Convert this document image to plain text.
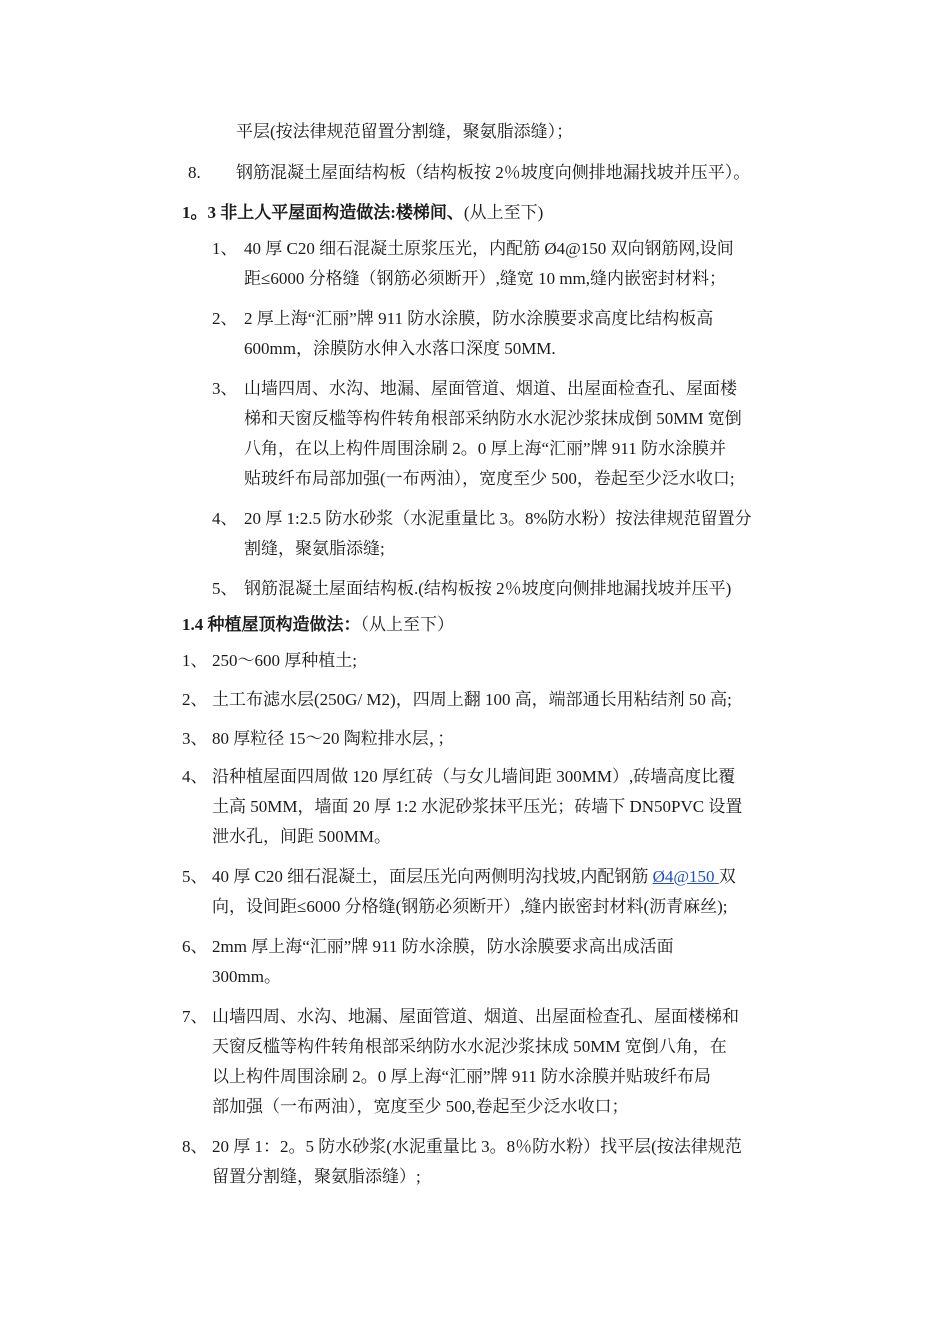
平层(按法律规范留置分割缝，聚氨脂添缝）；
8. 钢筋混凝土屋面结构板（结构板按 2％坡度向侧排地漏找坡并压平）。
1。3 非上人平屋面构造做法:楼梯间、(从上至下)
1、 40 厚 C20 细石混凝土原浆压光，内配筋 Ø4@150 双向钢筋网,设间
距≤6000 分格缝（钢筋必须断开）,缝宽 10 mm,缝内嵌密封材料；
2、 2 厚上海“汇丽”牌 911 防水涂膜，防水涂膜要求高度比结构板高
600mm，涂膜防水伸入水落口深度 50MM.
3、 山墙四周、水沟、地漏、屋面管道、烟道、出屋面检查孔、屋面楼
梯和天窗反槛等构件转角根部采纳防水水泥沙浆抹成倒 50MM 宽倒
八角，在以上构件周围涂刷 2。0 厚上海“汇丽”牌 911 防水涂膜并
贴玻纤布局部加强(一布两油），宽度至少 500，卷起至少泛水收口;
4、 20 厚 1:2.5 防水砂浆（水泥重量比 3。8%防水粉）按法律规范留置分
割缝，聚氨脂添缝;
5、 钢筋混凝土屋面结构板.(结构板按 2％坡度向侧排地漏找坡并压平)
1.4 种植屋顶构造做法：（从上至下）
1、 250～600 厚种植土;
2、 土工布滤水层(250G/ M2)，四周上翻 100 高，端部通长用粘结剂 50 高;
3、 80 厚粒径 15～20 陶粒排水层，；
4、 沿种植屋面四周做 120 厚红砖（与女儿墙间距 300MM）,砖墙高度比覆
土高 50MM，墙面 20 厚 1:2 水泥砂浆抹平压光；砖墙下 DN50PVC 设置
泄水孔，间距 500MM。
5、 40 厚 C20 细石混凝土，面层压光向两侧明沟找坡,内配钢筋 Ø4@150 双
向，设间距≤6000 分格缝(钢筋必须断开）,缝内嵌密封材料(沥青麻丝);
6、 2mm 厚上海“汇丽”牌 911 防水涂膜，防水涂膜要求高出成活面
300mm。
7、 山墙四周、水沟、地漏、屋面管道、烟道、出屋面检查孔、屋面楼梯和
天窗反槛等构件转角根部采纳防水水泥沙浆抹成 50MM 宽倒八角，在
以上构件周围涂刷 2。0 厚上海“汇丽”牌 911 防水涂膜并贴玻纤布局
部加强（一布两油），宽度至少 500,卷起至少泛水收口；
8、 20 厚 1：2。5 防水砂浆(水泥重量比 3。8％防水粉）找平层(按法律规范
留置分割缝，聚氨脂添缝）;
